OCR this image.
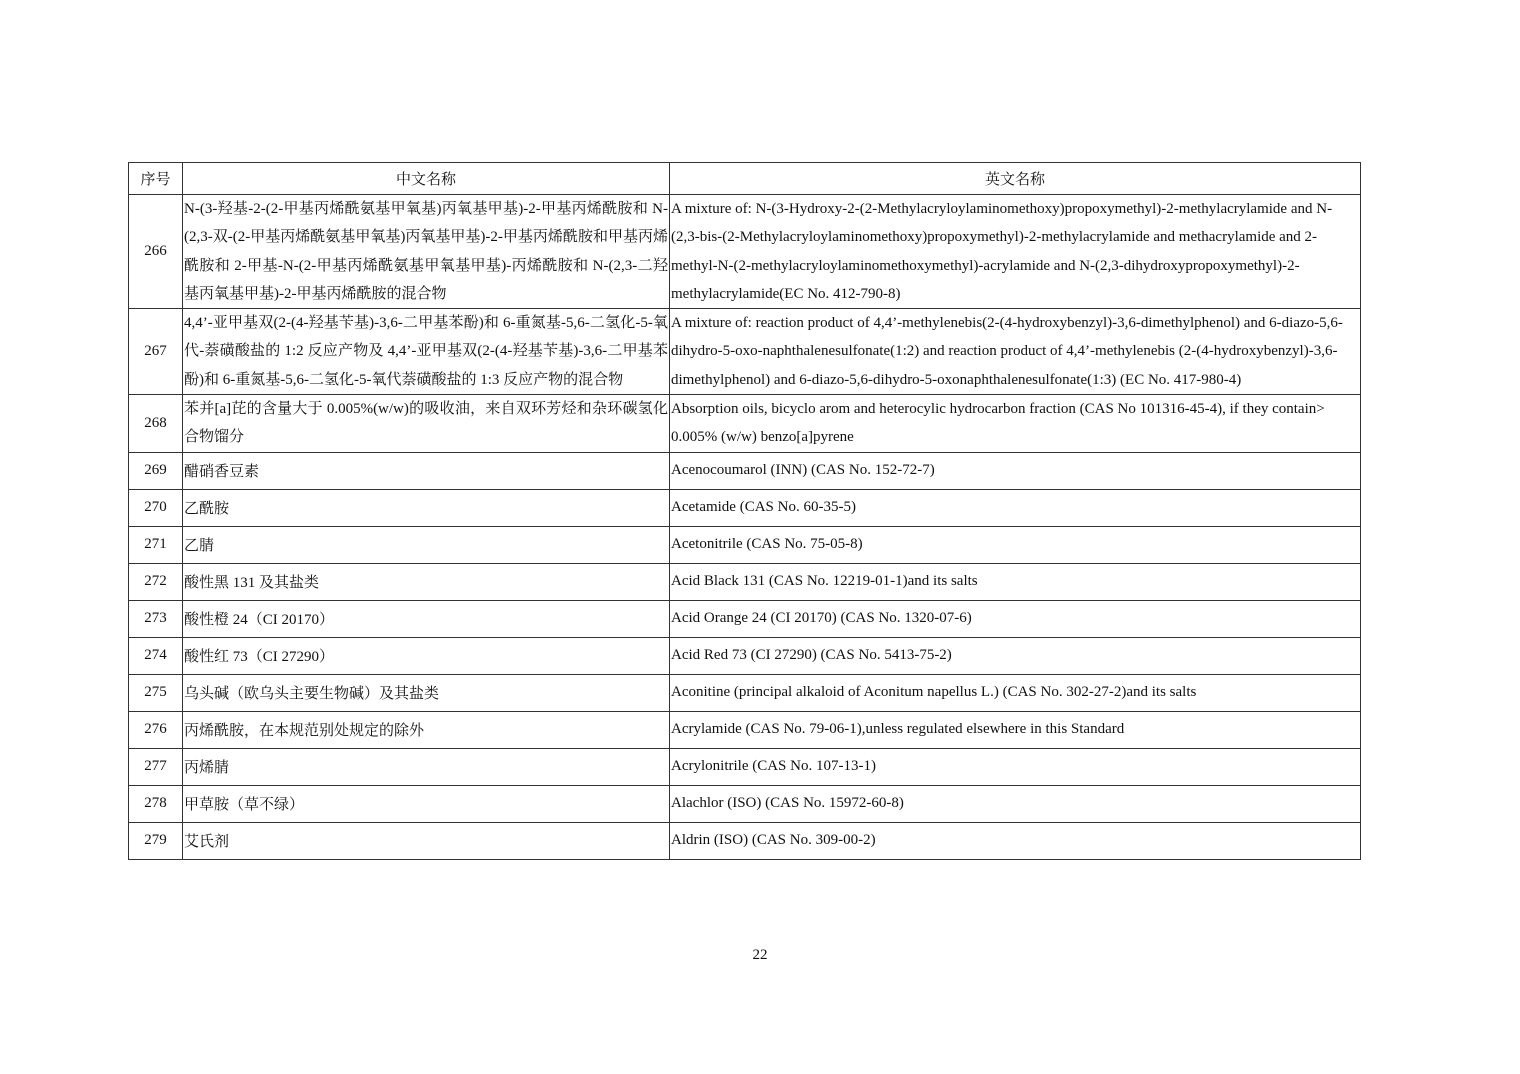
序号	中文名称	英文名称
266	N-(3-羟基-2-(2-甲基丙烯酰氨基甲氧基)丙氧基甲基)-2-甲基丙烯酰胺和 N-(2,3-双-(2-甲基丙烯酰氨基甲氧基)丙氧基甲基)-2-甲基丙烯酰胺和甲基丙烯酰胺和 2-甲基-N-(2-甲基丙烯酰氨基甲氧基甲基)-丙烯酰胺和 N-(2,3-二羟基丙氧基甲基)-2-甲基丙烯酰胺的混合物	A mixture of: N-(3-Hydroxy-2-(2-Methylacryloylaminomethoxy)propoxymethyl)-2-methylacrylamide and N-(2,3-bis-(2-Methylacryloylaminomethoxy)propoxymethyl)-2-methylacrylamide and methacrylamide and 2-methyl-N-(2-methylacryloylaminomethoxymethyl)-acrylamide and N-(2,3-dihydroxypropoxymethyl)-2-methylacrylamide(EC No. 412-790-8)
267	4,4’-亚甲基双(2-(4-羟基苄基)-3,6-二甲基苯酚)和 6-重氮基-5,6-二氢化-5-氧代-萘磺酸盐的 1:2 反应产物及 4,4’-亚甲基双(2-(4-羟基苄基)-3,6-二甲基苯酚)和 6-重氮基-5,6-二氢化-5-氧代萘磺酸盐的 1:3 反应产物的混合物	A mixture of: reaction product of 4,4’-methylenebis(2-(4-hydroxybenzyl)-3,6-dimethylphenol) and 6-diazo-5,6-dihydro-5-oxo-naphthalenesulfonate(1:2) and reaction product of 4,4’-methylenebis (2-(4-hydroxybenzyl)-3,6-dimethylphenol) and 6-diazo-5,6-dihydro-5-oxonaphthalenesulfonate(1:3) (EC No. 417-980-4)
268	苯并[a]芘的含量大于 0.005%(w/w)的吸收油，来自双环芳烃和杂环碳氢化合物馏分	Absorption oils, bicyclo arom and heterocylic hydrocarbon fraction (CAS No 101316-45-4), if they contain> 0.005% (w/w) benzo[a]pyrene
269	醋硝香豆素	Acenocoumarol (INN) (CAS No. 152-72-7)
270	乙酰胺	Acetamide (CAS No. 60-35-5)
271	乙腈	Acetonitrile (CAS No. 75-05-8)
272	酸性黑 131 及其盐类	Acid Black 131 (CAS No. 12219-01-1)and its salts
273	酸性橙 24（CI 20170）	Acid Orange 24 (CI 20170) (CAS No. 1320-07-6)
274	酸性红 73（CI 27290）	Acid Red 73 (CI 27290) (CAS No. 5413-75-2)
275	乌头碱（欧乌头主要生物碱）及其盐类	Aconitine (principal alkaloid of Aconitum napellus L.) (CAS No. 302-27-2)and its salts
276	丙烯酰胺，在本规范别处规定的除外	Acrylamide (CAS No. 79-06-1),unless regulated elsewhere in this Standard
277	丙烯腈	Acrylonitrile (CAS No. 107-13-1)
278	甲草胺（草不绿）	Alachlor (ISO) (CAS No. 15972-60-8)
279	艾氏剂	Aldrin (ISO) (CAS No. 309-00-2)
22
